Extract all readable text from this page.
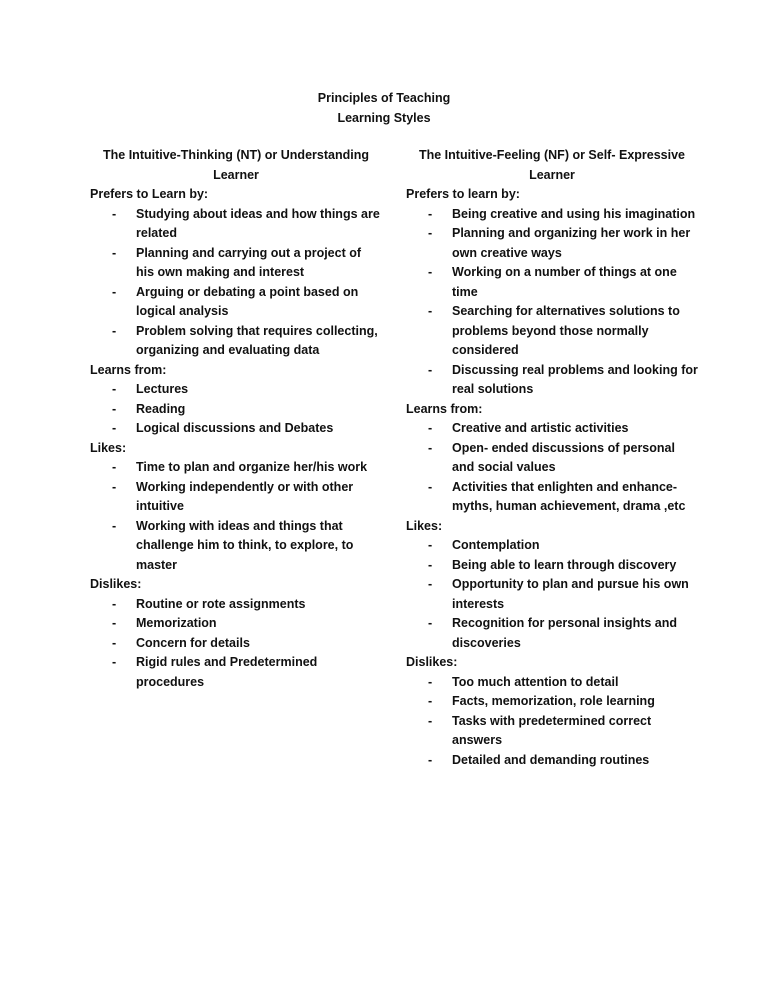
Principles of Teaching
Learning Styles

The Intuitive-Thinking (NT) or Understanding Learner

Prefers to Learn by:

- Studying about ideas and how things are related
- Planning and carrying out a project of his own making and interest
- Arguing or debating a point based on logical analysis
- Problem solving that requires collecting, organizing and evaluating data

Learns from:

- Lectures
- Reading
- Logical discussions and Debates

Likes:

- Time to plan and organize her/his work
- Working independently or with other intuitive
- Working with ideas and things that challenge him to think, to explore, to master

Dislikes:

- Routine or rote assignments
- Memorization
- Concern for details
- Rigid rules and Predetermined procedures

The Intuitive-Feeling (NF) or Self- Expressive Learner

Prefers to learn by:

- Being creative and using his imagination
- Planning and organizing her work in her own creative ways
- Working on a number of things at one time
- Searching for alternatives solutions to problems beyond those normally considered
- Discussing real problems and looking for real solutions

Learns from:

- Creative and artistic activities
- Open- ended discussions of personal and social values
- Activities that enlighten and enhance- myths, human achievement, drama ,etc

Likes:

- Contemplation
- Being able to learn through discovery
- Opportunity to plan and pursue his own interests
- Recognition for personal insights and discoveries

Dislikes:

- Too much attention to detail
- Facts, memorization, role learning
- Tasks with predetermined correct answers
- Detailed and demanding routines
